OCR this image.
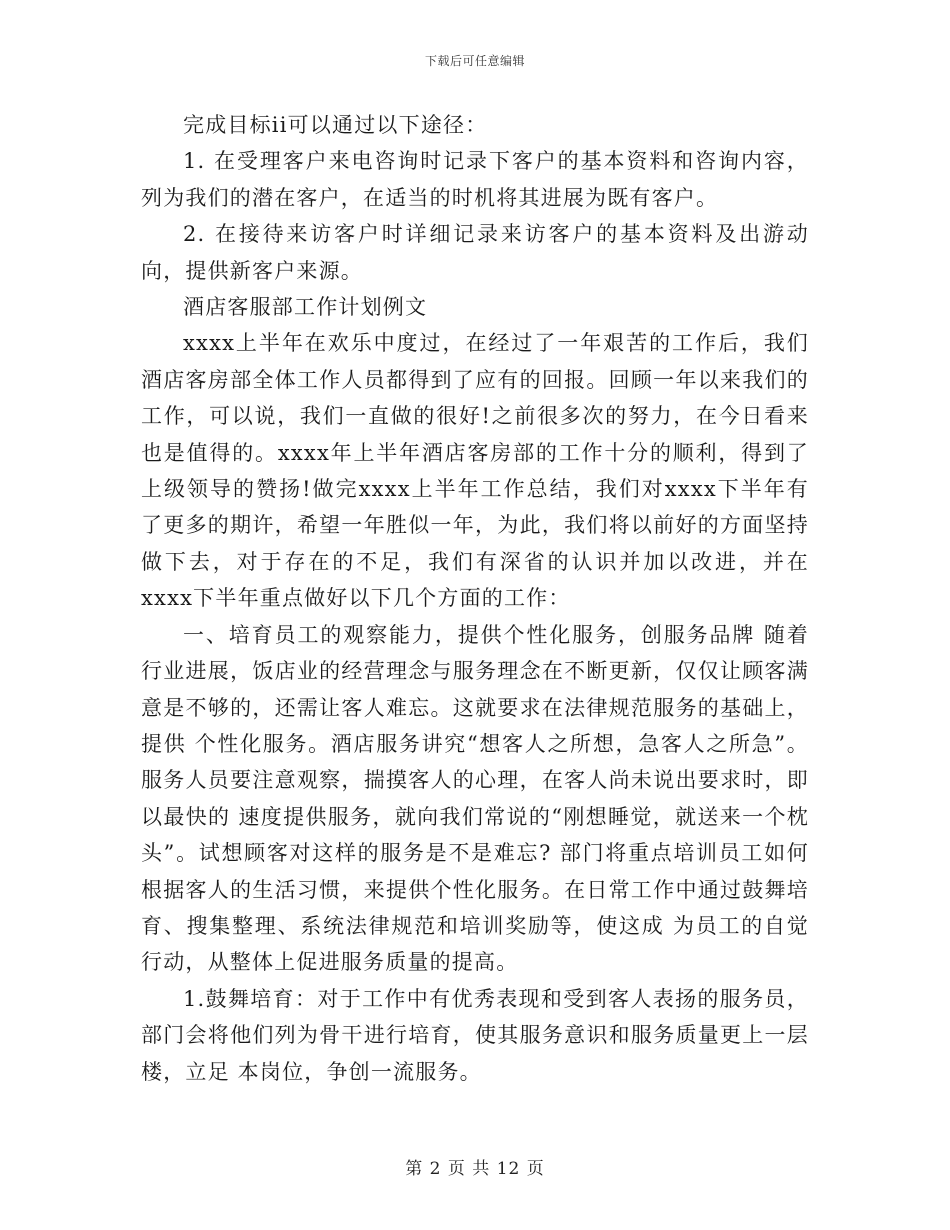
下载后可任意编辑

完成目标ii可以通过以下途径：

1. 在受理客户来电咨询时记录下客户的基本资料和咨询内容，列为我们的潜在客户，在适当的时机将其进展为既有客户。

2. 在接待来访客户时详细记录来访客户的基本资料及出游动向，提供新客户来源。

酒店客服部工作计划例文

xxxx上半年在欢乐中度过，在经过了一年艰苦的工作后，我们酒店客房部全体工作人员都得到了应有的回报。回顾一年以来我们的工作，可以说，我们一直做的很好!之前很多次的努力，在今日看来也是值得的。xxxx年上半年酒店客房部的工作十分的顺利，得到了上级领导的赞扬!做完xxxx上半年工作总结，我们对xxxx下半年有了更多的期许，希望一年胜似一年，为此，我们将以前好的方面坚持做下去，对于存在的不足，我们有深省的认识并加以改进，并在xxxx下半年重点做好以下几个方面的工作：

一、培育员工的观察能力，提供个性化服务，创服务品牌 随着行业进展，饭店业的经营理念与服务理念在不断更新，仅仅让顾客满意是不够的，还需让客人难忘。这就要求在法律规范服务的基础上，提供 个性化服务。酒店服务讲究“想客人之所想，急客人之所急”。服务人员要注意观察，揣摸客人的心理，在客人尚未说出要求时，即以最快的 速度提供服务，就向我们常说的“刚想睡觉，就送来一个枕头”。试想顾客对这样的服务是不是难忘? 部门将重点培训员工如何根据客人的生活习惯，来提供个性化服务。在日常工作中通过鼓舞培育、搜集整理、系统法律规范和培训奖励等，使这成 为员工的自觉行动，从整体上促进服务质量的提高。

1.鼓舞培育：对于工作中有优秀表现和受到客人表扬的服务员，部门会将他们列为骨干进行培育，使其服务意识和服务质量更上一层楼，立足 本岗位，争创一流服务。

第 2 页 共 12 页
